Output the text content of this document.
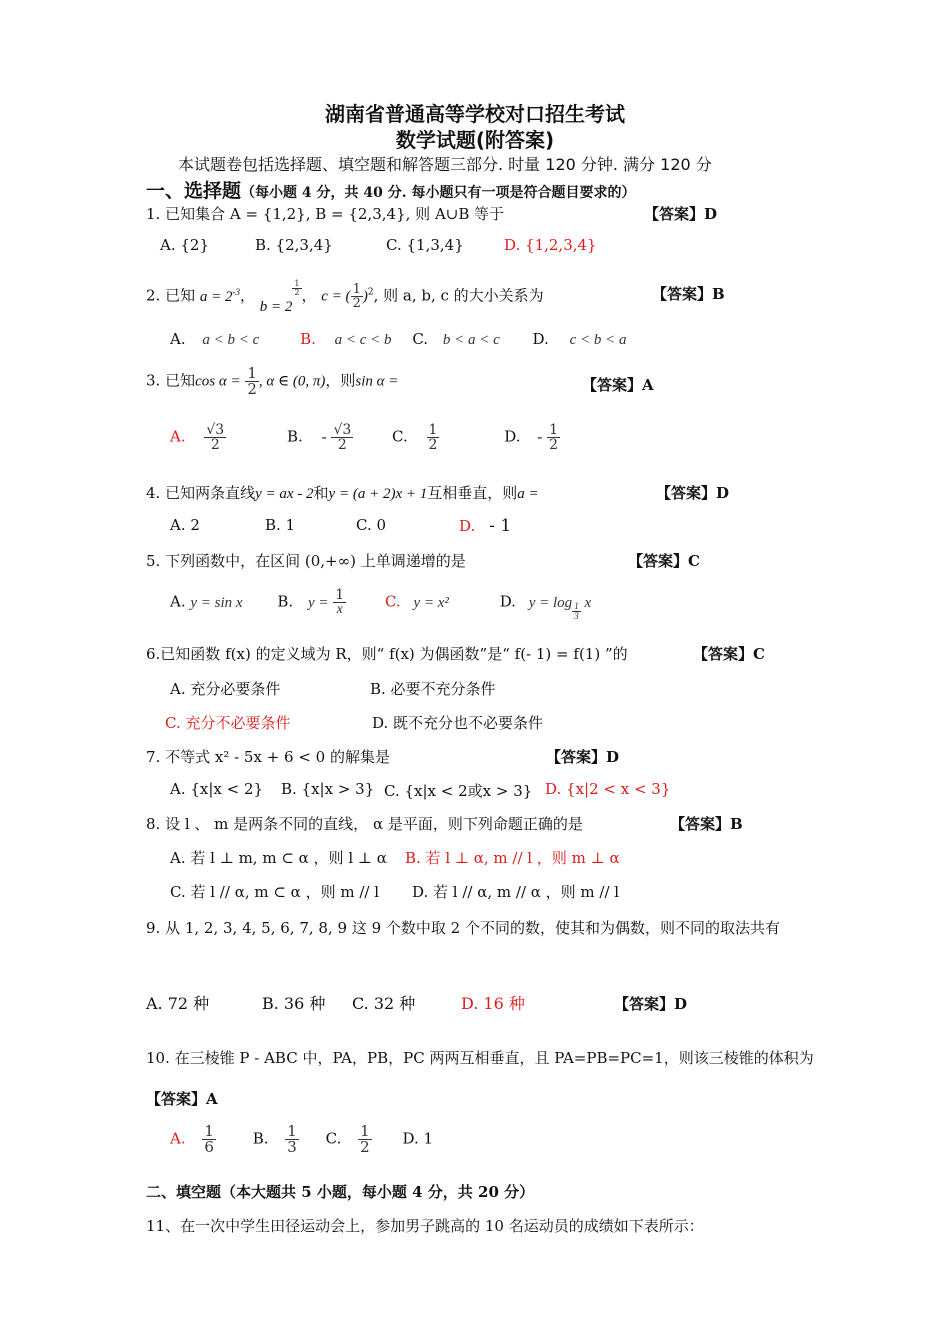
湖南省普通高等学校对口招生考试
数学试题(附答案)
本试题卷包括选择题、填空题和解答题三部分. 时量 120 分钟. 满分 120 分
一、选择题（每小题 4 分，共 40 分. 每小题只有一项是符合题目要求的）
1. 已知集合 A = {1,2}, B = {2,3,4}, 则 A∪B 等于	【答案】D
A. {2}	B. {2,3,4}	C. {1,3,4}	D. {1,2,3,4}
2. 已知 $a = 2^{-3}$， b = 2
$^{\frac{1}{2}}$ ， c = ( $\frac{1}{2} )^2$, 则 a, b, c 的大小关系为	【答案】B
A. a < b < c	B. a < c < b C. b < a < c D. c < b < a
3. 已知$\cos \alpha = \frac{1}{2}$ , α ∈ (0, π)，则sin α =	【答案】A
A. $\frac{√3}{2}$	B. - $\frac{√3}{2}$	C. $\frac{1}{2}$	D. - $\frac{1}{2}$
4. 已知两条直线y = ax - 2和y = (a + 2)x + 1互相垂直，则a =	【答案】D
A. 2	B. 1	C. 0	D. - 1
5. 下列函数中，在区间 (0,+∞) 上单调递增的是	【答案】C
A. y = sin x B. $y = \frac{1}{x}$	C. y = x²	D. $y = \log \frac{1}{3}$ x
6.已知函数 f(x) 的定义域为 R，则“ f(x) 为偶函数”是“ f(- 1) = f(1) ”的	【答案】C
A. 充分必要条件	B. 必要不充分条件
C. 充分不必要条件	D. 既不充分也不必要条件
7. 不等式 x² - 5x + 6 < 0 的解集是	【答案】D
A. {x|x < 2} B. {x|x > 3} C. {x|x < 2或x > 3} D. {x|2 < x < 3}
8. 设 l 、 m 是两条不同的直线， α 是平面，则下列命题正确的是	【答案】B
A. 若 l ⊥ m, m ⊂ α ，则 l ⊥ α B. 若 l ⊥ α, m // l ，则 m ⊥ α
C. 若 l // α, m ⊂ α ，则 m // l D. 若 l // α, m // α ，则 m // l
9. 从 1, 2, 3, 4, 5, 6, 7, 8, 9 这 9 个数中取 2 个不同的数，使其和为偶数，则不同的取法共有
A. 72 种	B. 36 种 C. 32 种	D. 16 种	【答案】D
10. 在三棱锥 P - ABC 中，PA，PB，PC 两两互相垂直，且 PA=PB=PC=1，则该三棱锥的体积为
【答案】A
A. $\frac{1}{6} B$. $\frac{1}{3} C$. $\frac{1}{2} D$. 1
二、填空题（本大题共 5 小题，每小题 4 分，共 20 分）
11、在一次中学生田径运动会上，参加男子跳高的 10 名运动员的成绩如下表所示：
